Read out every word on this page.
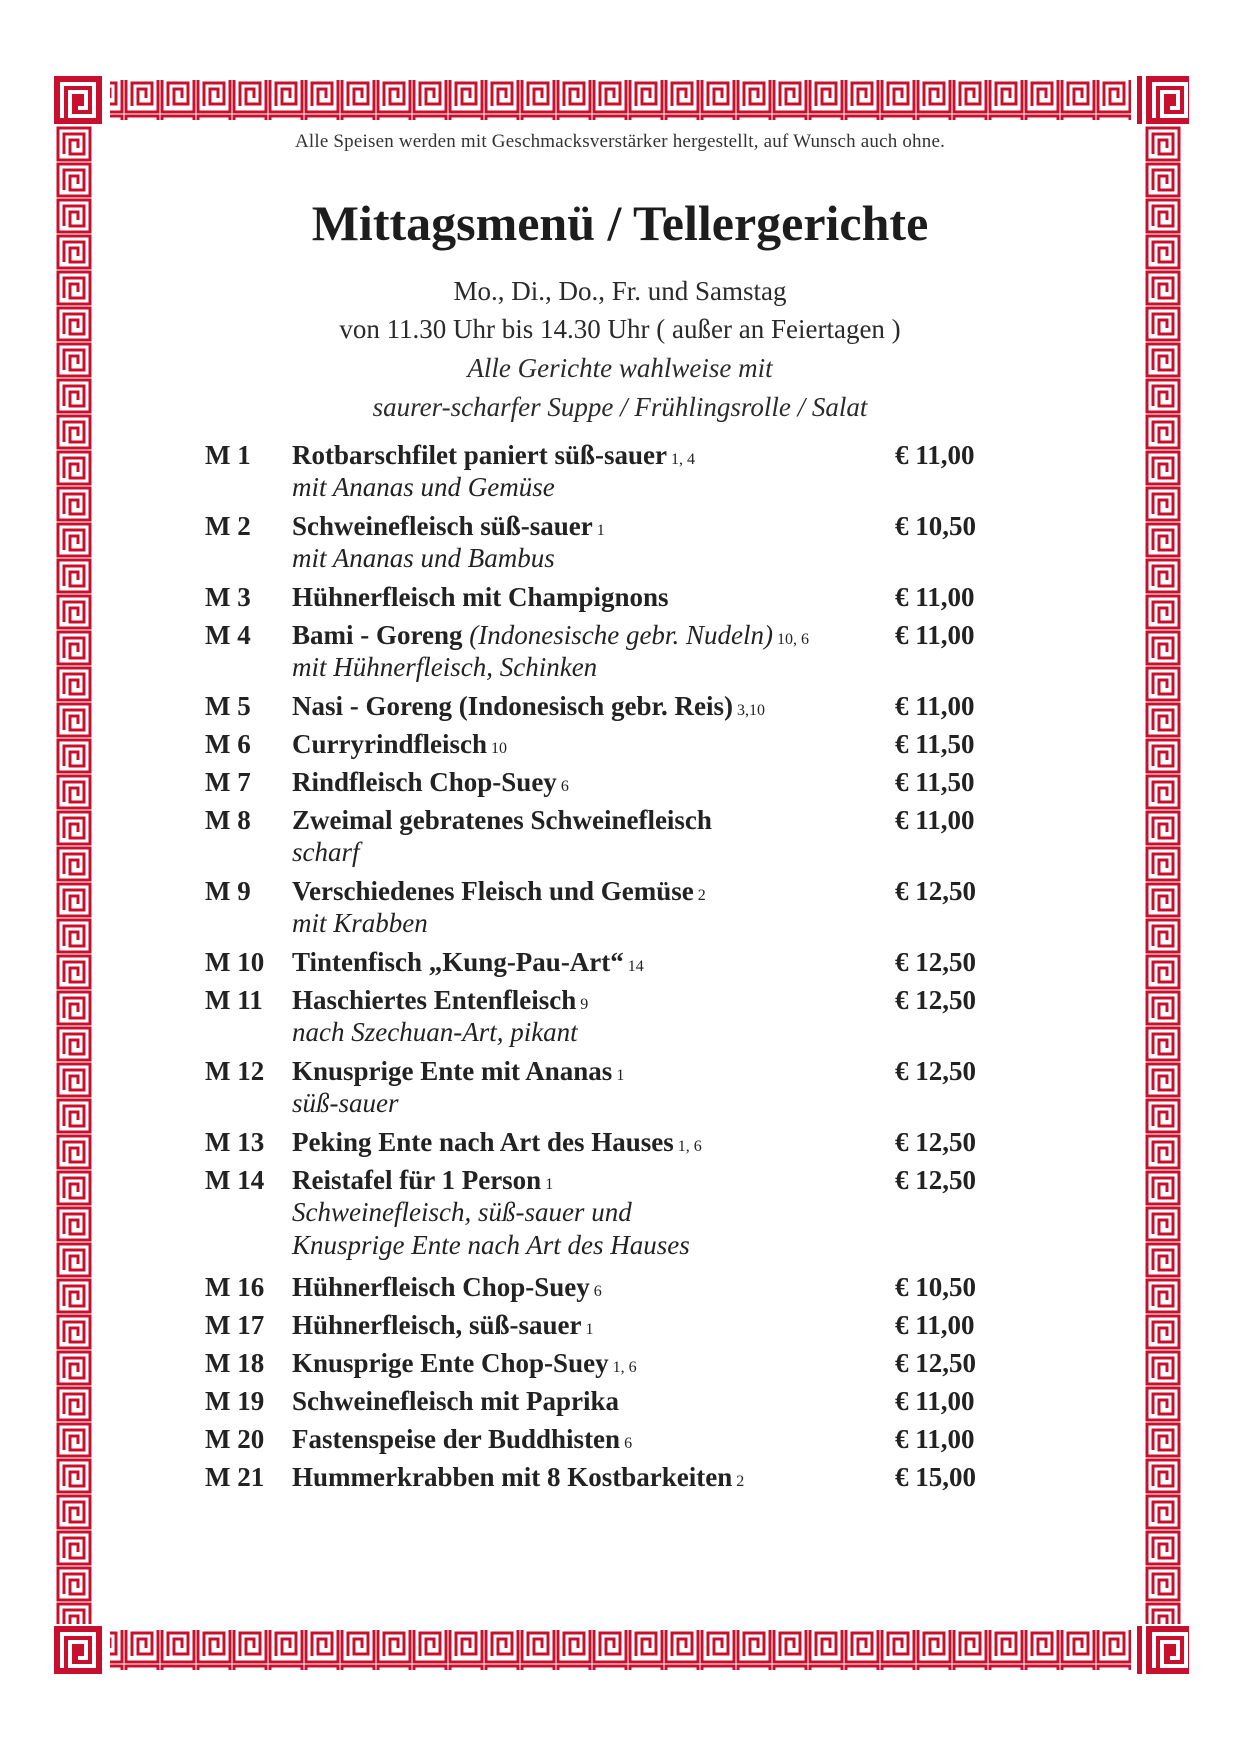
Alle Speisen werden mit Geschmacksverstärker hergestellt, auf Wunsch auch ohne.
Mittagsmenü / Tellergerichte
Mo., Di., Do., Fr. und Samstag
von 11.30 Uhr bis 14.30 Uhr ( außer an Feiertagen )
Alle Gerichte wahlweise mit
saurer-scharfer Suppe / Frühlingsrolle / Salat
M 1 Rotbarschfilet paniert süß-sauer 1, 4	€ 11,00
mit Ananas und Gemüse
M 2 Schweinefleisch süß-sauer 1	€ 10,50
mit Ananas und Bambus
M 3 Hühnerfleisch mit Champignons	€ 11,00
M 4 Bami - Goreng (Indonesische gebr. Nudeln) 10, 6	€ 11,00
mit Hühnerfleisch, Schinken
M 5 Nasi - Goreng (Indonesisch gebr. Reis) 3,10	€ 11,00
M 6 Curryrindfleisch 10	€ 11,50
M 7 Rindfleisch Chop-Suey 6	€ 11,50
M 8 Zweimal gebratenes Schweinefleisch	€ 11,00
scharf
M 9 Verschiedenes Fleisch und Gemüse 2	€ 12,50
mit Krabben
M 10 Tintenfisch „Kung-Pau-Art“ 14	€ 12,50
M 11 Haschiertes Entenfleisch 9	€ 12,50
nach Szechuan-Art, pikant
M 12 Knusprige Ente mit Ananas 1	€ 12,50
süß-sauer
M 13 Peking Ente nach Art des Hauses 1, 6	€ 12,50
M 14 Reistafel für 1 Person 1	€ 12,50
Schweinefleisch, süß-sauer und
Knusprige Ente nach Art des Hauses
M 16 Hühnerfleisch Chop-Suey 6	€ 10,50
M 17 Hühnerfleisch, süß-sauer 1	€ 11,00
M 18 Knusprige Ente Chop-Suey 1, 6	€ 12,50
M 19 Schweinefleisch mit Paprika	€ 11,00
M 20 Fastenspeise der Buddhisten 6	€ 11,00
M 21 Hummerkrabben mit 8 Kostbarkeiten 2	€ 15,00
